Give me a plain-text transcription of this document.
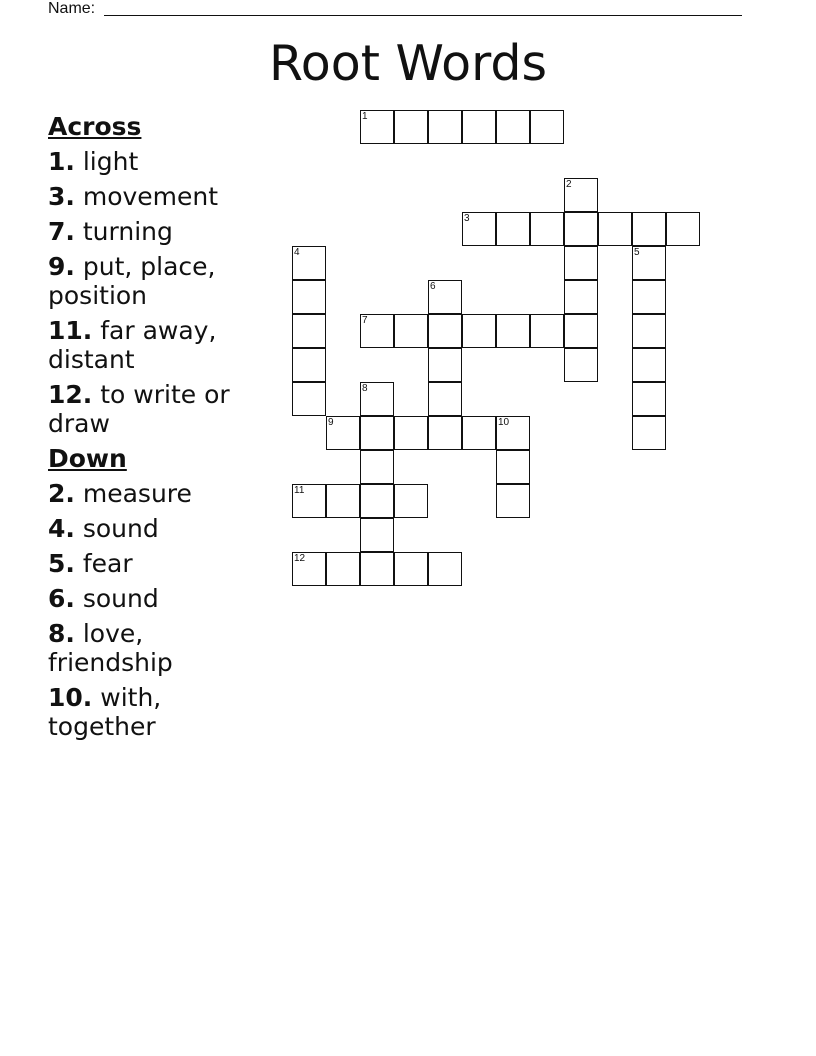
Name:
Root Words
Across
1. light
3. movement
7. turning
9. put, place, position
11. far away, distant
12. to write or draw
Down
2. measure
4. sound
5. fear
6. sound
8. love, friendship
10. with, together
1
2
3
4	5
6
7
8
9	10
11
12
